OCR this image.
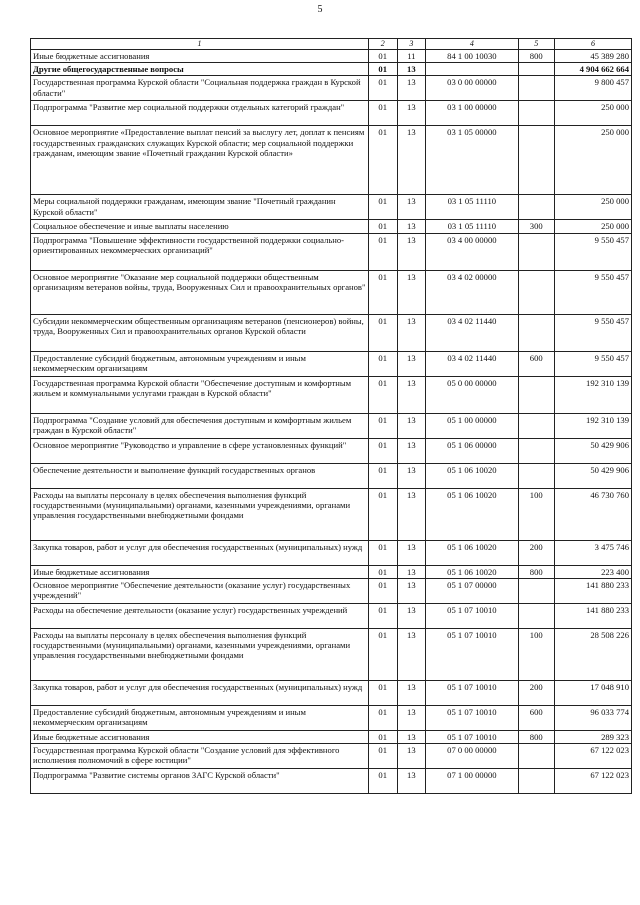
5
1	2	3	4	5	6
Иные бюджетные ассигнования	01	11	84 1 00 10030	800	45 389 280
Другие общегосударственные вопросы	01	13			4 904 662 664
Государственная программа Курской области "Социальная поддержка граждан в Курской области"	01	13	03 0 00 00000		9 800 457
Подпрограмма "Развитие мер социальной поддержки отдельных категорий граждан"	01	13	03 1 00 00000		250 000
Основное мероприятие «Предоставление выплат пенсий за выслугу лет, доплат к пенсиям государственных гражданских служащих Курской области; мер социальной поддержки гражданам, имеющим звание «Почетный гражданин Курской области»	01	13	03 1 05 00000		250 000
Меры социальной поддержки гражданам, имеющим звание "Почетный гражданин Курской области"	01	13	03 1 05 11110		250 000
Социальное обеспечение и иные выплаты населению	01	13	03 1 05 11110	300	250 000
Подпрограмма "Повышение эффективности государственной поддержки социально-ориентированных некоммерческих организаций"	01	13	03 4 00 00000		9 550 457
Основное мероприятие "Оказание мер социальной поддержки общественным организациям ветеранов войны, труда, Вооруженных Сил и правоохранительных органов"	01	13	03 4 02 00000		9 550 457
Субсидии некоммерческим общественным организациям ветеранов (пенсионеров) войны, труда, Вооруженных Сил и правоохранительных органов Курской области	01	13	03 4 02 11440		9 550 457
Предоставление субсидий бюджетным, автономным учреждениям и иным некоммерческим организациям	01	13	03 4 02 11440	600	9 550 457
Государственная программа Курской области "Обеспечение доступным и комфортным жильем и коммунальными услугами граждан в Курской области"	01	13	05 0 00 00000		192 310 139
Подпрограмма "Создание условий для обеспечения доступным и комфортным жильем граждан в Курской области"	01	13	05 1 00 00000		192 310 139
Основное мероприятие "Руководство и управление в сфере установленных функций"	01	13	05 1 06 00000		50 429 906
Обеспечение деятельности и выполнение функций государственных органов	01	13	05 1 06 10020		50 429 906
Расходы на выплаты персоналу в целях обеспечения выполнения функций государственными (муниципальными) органами, казенными учреждениями, органами управления государственными внебюджетными фондами	01	13	05 1 06 10020	100	46 730 760
Закупка товаров, работ и услуг для обеспечения государственных (муниципальных) нужд	01	13	05 1 06 10020	200	3 475 746
Иные бюджетные ассигнования	01	13	05 1 06 10020	800	223 400
Основное мероприятие "Обеспечение деятельности (оказание услуг) государственных учреждений"	01	13	05 1 07 00000		141 880 233
Расходы на обеспечение деятельности (оказание услуг) государственных учреждений	01	13	05 1 07 10010		141 880 233
Расходы на выплаты персоналу в целях обеспечения выполнения функций государственными (муниципальными) органами, казенными учреждениями, органами управления государственными внебюджетными фондами	01	13	05 1 07 10010	100	28 508 226
Закупка товаров, работ и услуг для обеспечения государственных (муниципальных) нужд	01	13	05 1 07 10010	200	17 048 910
Предоставление субсидий бюджетным, автономным учреждениям и иным некоммерческим организациям	01	13	05 1 07 10010	600	96 033 774
Иные бюджетные ассигнования	01	13	05 1 07 10010	800	289 323
Государственная программа Курской области "Создание условий для эффективного исполнения полномочий в сфере юстиции"	01	13	07 0 00 00000		67 122 023
Подпрограмма "Развитие системы органов ЗАГС Курской области"	01	13	07 1 00 00000		67 122 023
